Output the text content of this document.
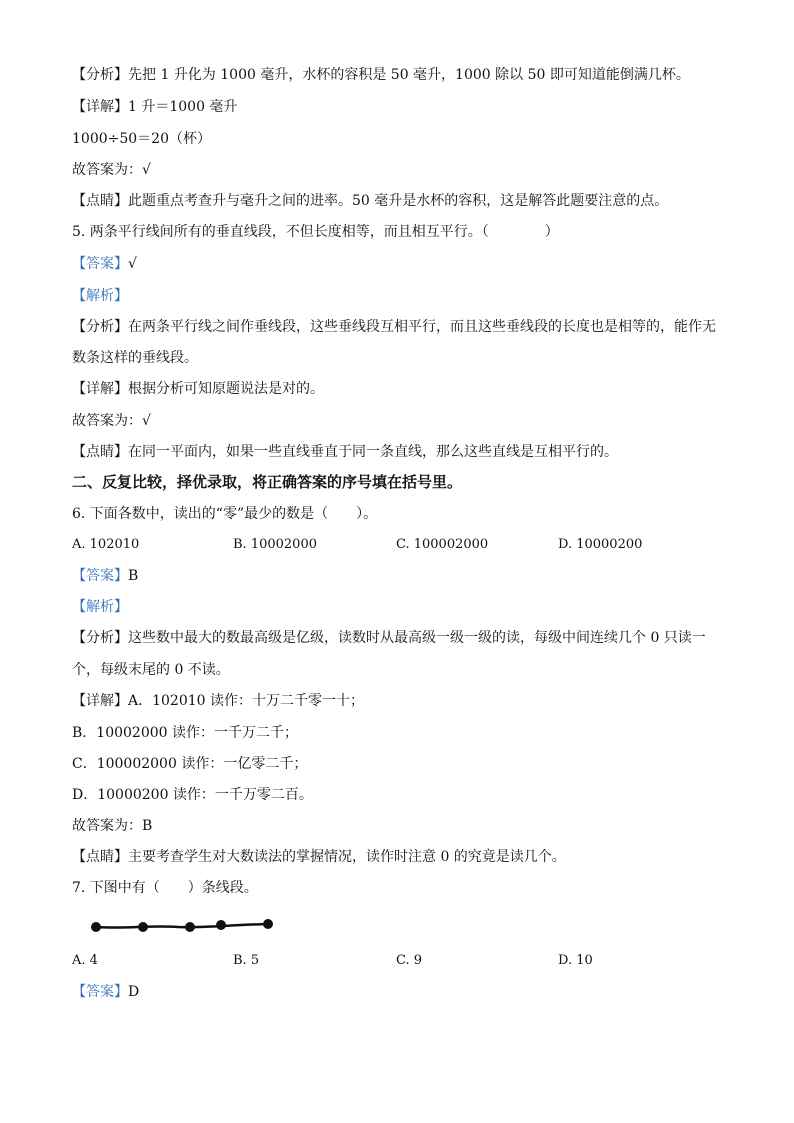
【分析】先把 1 升化为 1000 毫升，水杯的容积是 50 毫升，1000 除以 50 即可知道能倒满几杯。
【详解】1 升＝1000 毫升
1000÷50＝20（杯）
故答案为：√
【点睛】此题重点考查升与毫升之间的进率。50 毫升是水杯的容积，这是解答此题要注意的点。
5. 两条平行线间所有的垂直线段，不但长度相等，而且相互平行。（　　　　）
【答案】√
【解析】
【分析】在两条平行线之间作垂线段，这些垂线段互相平行，而且这些垂线段的长度也是相等的，能作无
数条这样的垂线段。
【详解】根据分析可知原题说法是对的。
故答案为：√
【点睛】在同一平面内，如果一些直线垂直于同一条直线，那么这些直线是互相平行的。
二、反复比较，择优录取，将正确答案的序号填在括号里。
6. 下面各数中，读出的“零”最少的数是（　　）。
A. 102010	B. 10002000	C. 100002000	D. 10000200
【答案】B
【解析】
【分析】这些数中最大的数最高级是亿级，读数时从最高级一级一级的读，每级中间连续几个 0 只读一
个，每级末尾的 0 不读。
【详解】A．102010 读作：十万二千零一十；
B．10002000 读作：一千万二千；
C．100002000 读作：一亿零二千；
D．10000200 读作：一千万零二百。
故答案为：B
【点睛】主要考查学生对大数读法的掌握情况，读作时注意 0 的究竟是读几个。
7. 下图中有（　　）条线段。
A. 4	B. 5	C. 9	D. 10
【答案】D
